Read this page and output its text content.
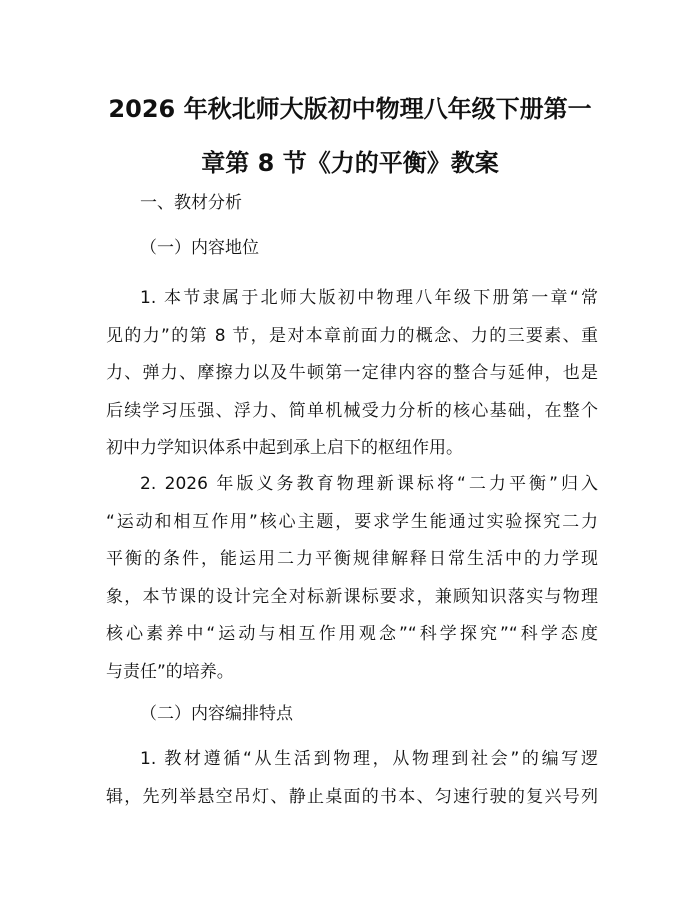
2026 年秋北师大版初中物理八年级下册第一
章第 8 节《力的平衡》教案

一、教材分析

（一）内容地位

1. 本节隶属于北师大版初中物理八年级下册第一章“常
见的力”的第 8 节，是对本章前面力的概念、力的三要素、重
力、弹力、摩擦力以及牛顿第一定律内容的整合与延伸，也是
后续学习压强、浮力、简单机械受力分析的核心基础，在整个
初中力学知识体系中起到承上启下的枢纽作用。

2. 2026 年版义务教育物理新课标将“二力平衡”归入
“运动和相互作用”核心主题，要求学生能通过实验探究二力
平衡的条件，能运用二力平衡规律解释日常生活中的力学现
象，本节课的设计完全对标新课标要求，兼顾知识落实与物理
核心素养中“运动与相互作用观念”“科学探究”“科学态度
与责任”的培养。

（二）内容编排特点

1. 教材遵循“从生活到物理，从物理到社会”的编写逻
辑，先列举悬空吊灯、静止桌面的书本、匀速行驶的复兴号列
